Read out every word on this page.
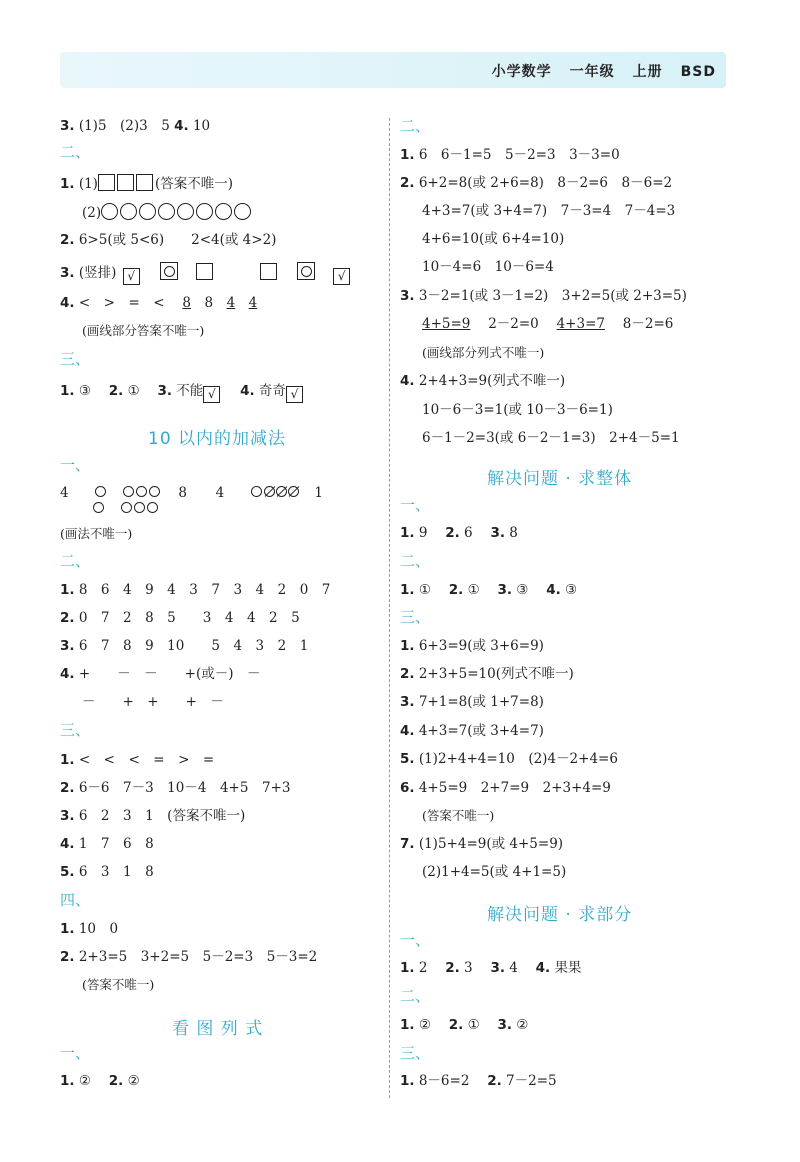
小学数学 一年级 上册 BSD
3. (1)5　(2)3　5 4. 10
二、
1. (1)	(答案不唯一)
(2)
2. 6>5(或 5<6)　　2<4(或 4>2)
3. (竖排) √	√
4. <　>　=　<　 8　 8　 4　 4
(画线部分答案不唯一)
三、
1. ③　 2. ①　 3. 不能 √　 4. 奇奇 √
10 以内的加减法
一、
4	8 4	1

(画法不唯一)
二、
1. 8　6　4　9　4　3　7　3　4　2　0　7
2. 0　7　2　8　5　　3　4　4　2　5
3. 6　7　8　9　10　　5　4　3　2　1
4. +　　－　－　　+(或－)　－
－　　+　+　　+　－
三、
1. <　<　<　=　>　=
2. 6－6　7－3　10－4　4+5　7+3
3. 6　2　3　1　(答案不唯一)
4. 1　7　6　8
5. 6　3　1　8
四、
1. 10　0
2. 2+3=5　3+2=5　5－2=3　5－3=2
(答案不唯一)
看 图 列 式
一、
1. ②　 2. ②
二、
1. 6　6－1=5　5－2=3　3－3=0
2. 6+2=8(或 2+6=8)　8－2=6　8－6=2
4+3=7(或 3+4=7)　7－3=4　7－4=3
4+6=10(或 6+4=10)
10－4=6　10－6=4
3. 3－2=1(或 3－1=2)　3+2=5(或 2+3=5)
4+5=9　 2－2=0　 4+3=7　 8－2=6
(画线部分列式不唯一)
4. 2+4+3=9(列式不唯一)
10－6－3=1(或 10－3－6=1)
6－1－2=3(或 6－2－1=3)　2+4－5=1
解决问题 · 求整体
一、
1. 9　 2. 6　 3. 8
二、
1. ①　 2. ①　 3. ③　 4. ③
三、
1. 6+3=9(或 3+6=9)
2. 2+3+5=10(列式不唯一)
3. 7+1=8(或 1+7=8)
4. 4+3=7(或 3+4=7)
5. (1)2+4+4=10　(2)4－2+4=6
6. 4+5=9　2+7=9　2+3+4=9
(答案不唯一)
7. (1)5+4=9(或 4+5=9)
(2)1+4=5(或 4+1=5)
解决问题 · 求部分
一、
1. 2　 2. 3　 3. 4　 4. 果果
二、
1. ②　 2. ①　 3. ②
三、
1. 8－6=2　 2. 7－2=5
